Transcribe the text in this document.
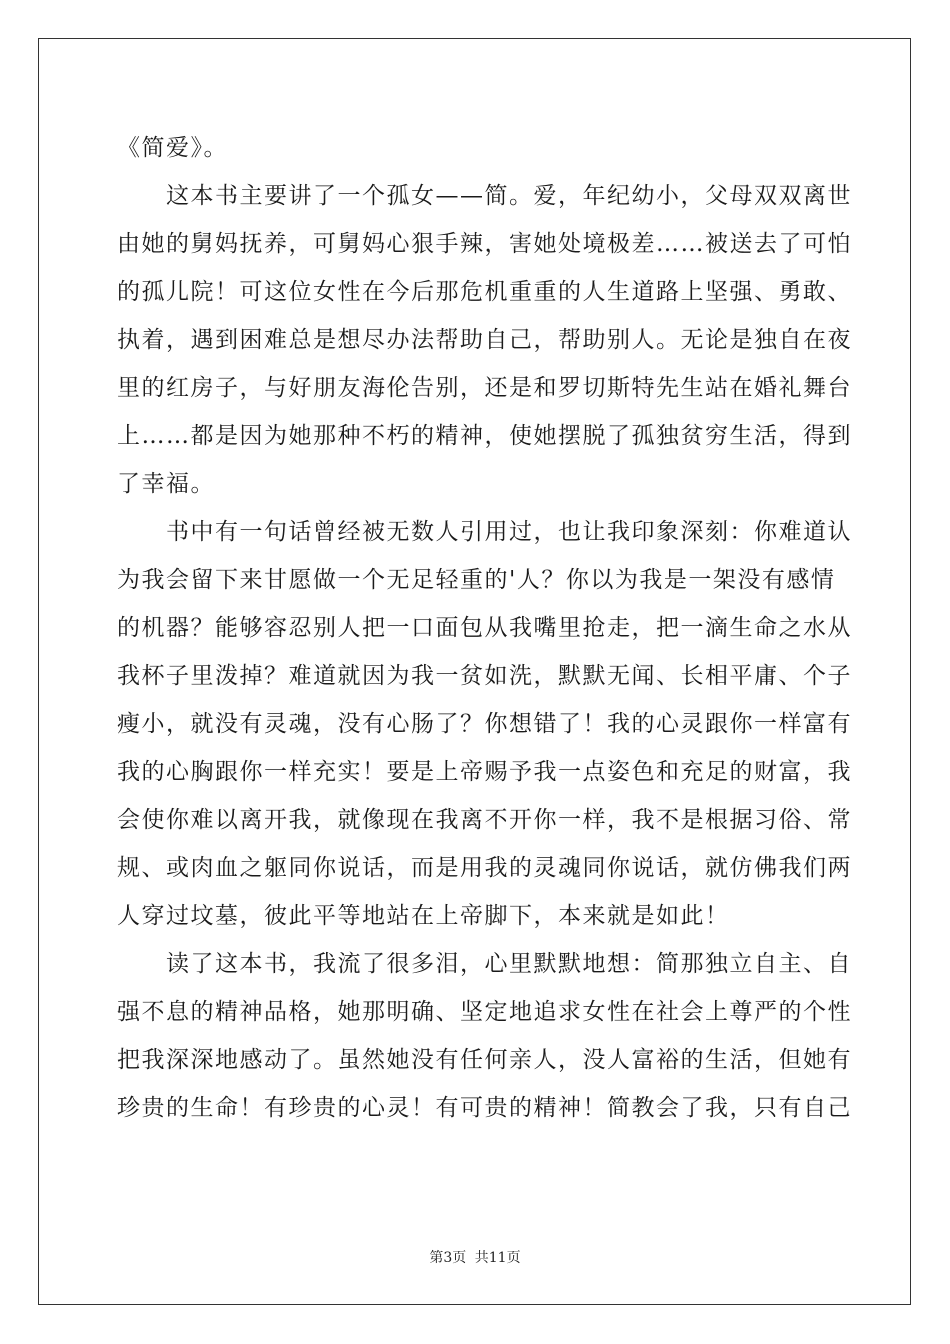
《简爱》。
　　这本书主要讲了一个孤女——简。爱，年纪幼小，父母双双离世
由她的舅妈抚养，可舅妈心狠手辣，害她处境极差……被送去了可怕
的孤儿院！可这位女性在今后那危机重重的人生道路上坚强、勇敢、
执着，遇到困难总是想尽办法帮助自己，帮助别人。无论是独自在夜
里的红房子，与好朋友海伦告别，还是和罗切斯特先生站在婚礼舞台
上……都是因为她那种不朽的精神，使她摆脱了孤独贫穷生活，得到
了幸福。
　　书中有一句话曾经被无数人引用过，也让我印象深刻：你难道认
为我会留下来甘愿做一个无足轻重的'人？你以为我是一架没有感情
的机器？能够容忍别人把一口面包从我嘴里抢走，把一滴生命之水从
我杯子里泼掉？难道就因为我一贫如洗，默默无闻、长相平庸、个子
瘦小，就没有灵魂，没有心肠了？你想错了！我的心灵跟你一样富有
我的心胸跟你一样充实！要是上帝赐予我一点姿色和充足的财富，我
会使你难以离开我，就像现在我离不开你一样，我不是根据习俗、常
规、或肉血之躯同你说话，而是用我的灵魂同你说话，就仿佛我们两
人穿过坟墓，彼此平等地站在上帝脚下，本来就是如此！
　　读了这本书，我流了很多泪，心里默默地想：简那独立自主、自
强不息的精神品格，她那明确、坚定地追求女性在社会上尊严的个性
把我深深地感动了。虽然她没有任何亲人，没人富裕的生活，但她有
珍贵的生命！有珍贵的心灵！有可贵的精神！简教会了我，只有自己
第3页 共11页
